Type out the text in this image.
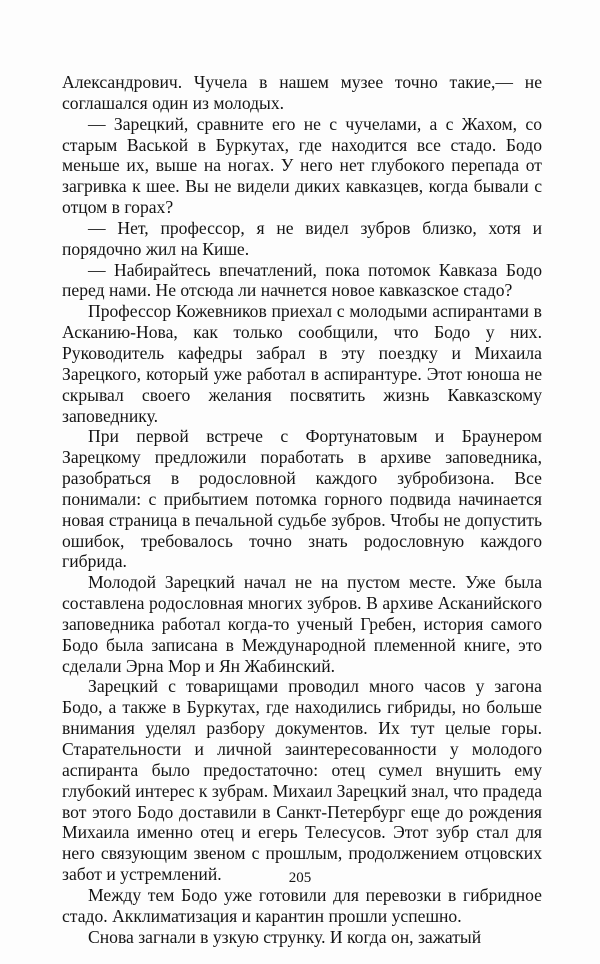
Александрович. Чучела в нашем музее точно такие,— не соглашался один из молодых.

— Зарецкий, сравните его не с чучелами, а с Жахом, со старым Васькой в Буркутах, где находится все стадо. Бодо меньше их, выше на ногах. У него нет глубокого перепада от загривка к шее. Вы не видели диких кавказцев, когда бывали с отцом в горах?

— Нет, профессор, я не видел зубров близко, хотя и порядочно жил на Кише.

— Набирайтесь впечатлений, пока потомок Кавказа Бодо перед нами. Не отсюда ли начнется новое кавказское стадо?

Профессор Кожевников приехал с молодыми аспирантами в Асканию-Нова, как только сообщили, что Бодо у них. Руководитель кафедры забрал в эту поездку и Михаила Зарецкого, который уже работал в аспирантуре. Этот юноша не скрывал своего желания посвятить жизнь Кавказскому заповеднику.

При первой встрече с Фортунатовым и Браунером Зарецкому предложили поработать в архиве заповедника, разобраться в родословной каждого зубробизона. Все понимали: с прибытием потомка горного подвида начинается новая страница в печальной судьбе зубров. Чтобы не допустить ошибок, требовалось точно знать родословную каждого гибрида.

Молодой Зарецкий начал не на пустом месте. Уже была составлена родословная многих зубров. В архиве Асканийского заповедника работал когда-то ученый Гребен, история самого Бодо была записана в Международной племенной книге, это сделали Эрна Мор и Ян Жабинский.

Зарецкий с товарищами проводил много часов у загона Бодо, а также в Буркутах, где находились гибриды, но больше внимания уделял разбору документов. Их тут целые горы. Старательности и личной заинтересованности у молодого аспиранта было предостаточно: отец сумел внушить ему глубокий интерес к зубрам. Михаил Зарецкий знал, что прадеда вот этого Бодо доставили в Санкт-Петербург еще до рождения Михаила именно отец и егерь Телесусов. Этот зубр стал для него связующим звеном с прошлым, продолжением отцовских забот и устремлений.

Между тем Бодо уже готовили для перевозки в гибридное стадо. Акклиматизация и карантин прошли успешно.

Снова загнали в узкую струнку. И когда он, зажатый

205
